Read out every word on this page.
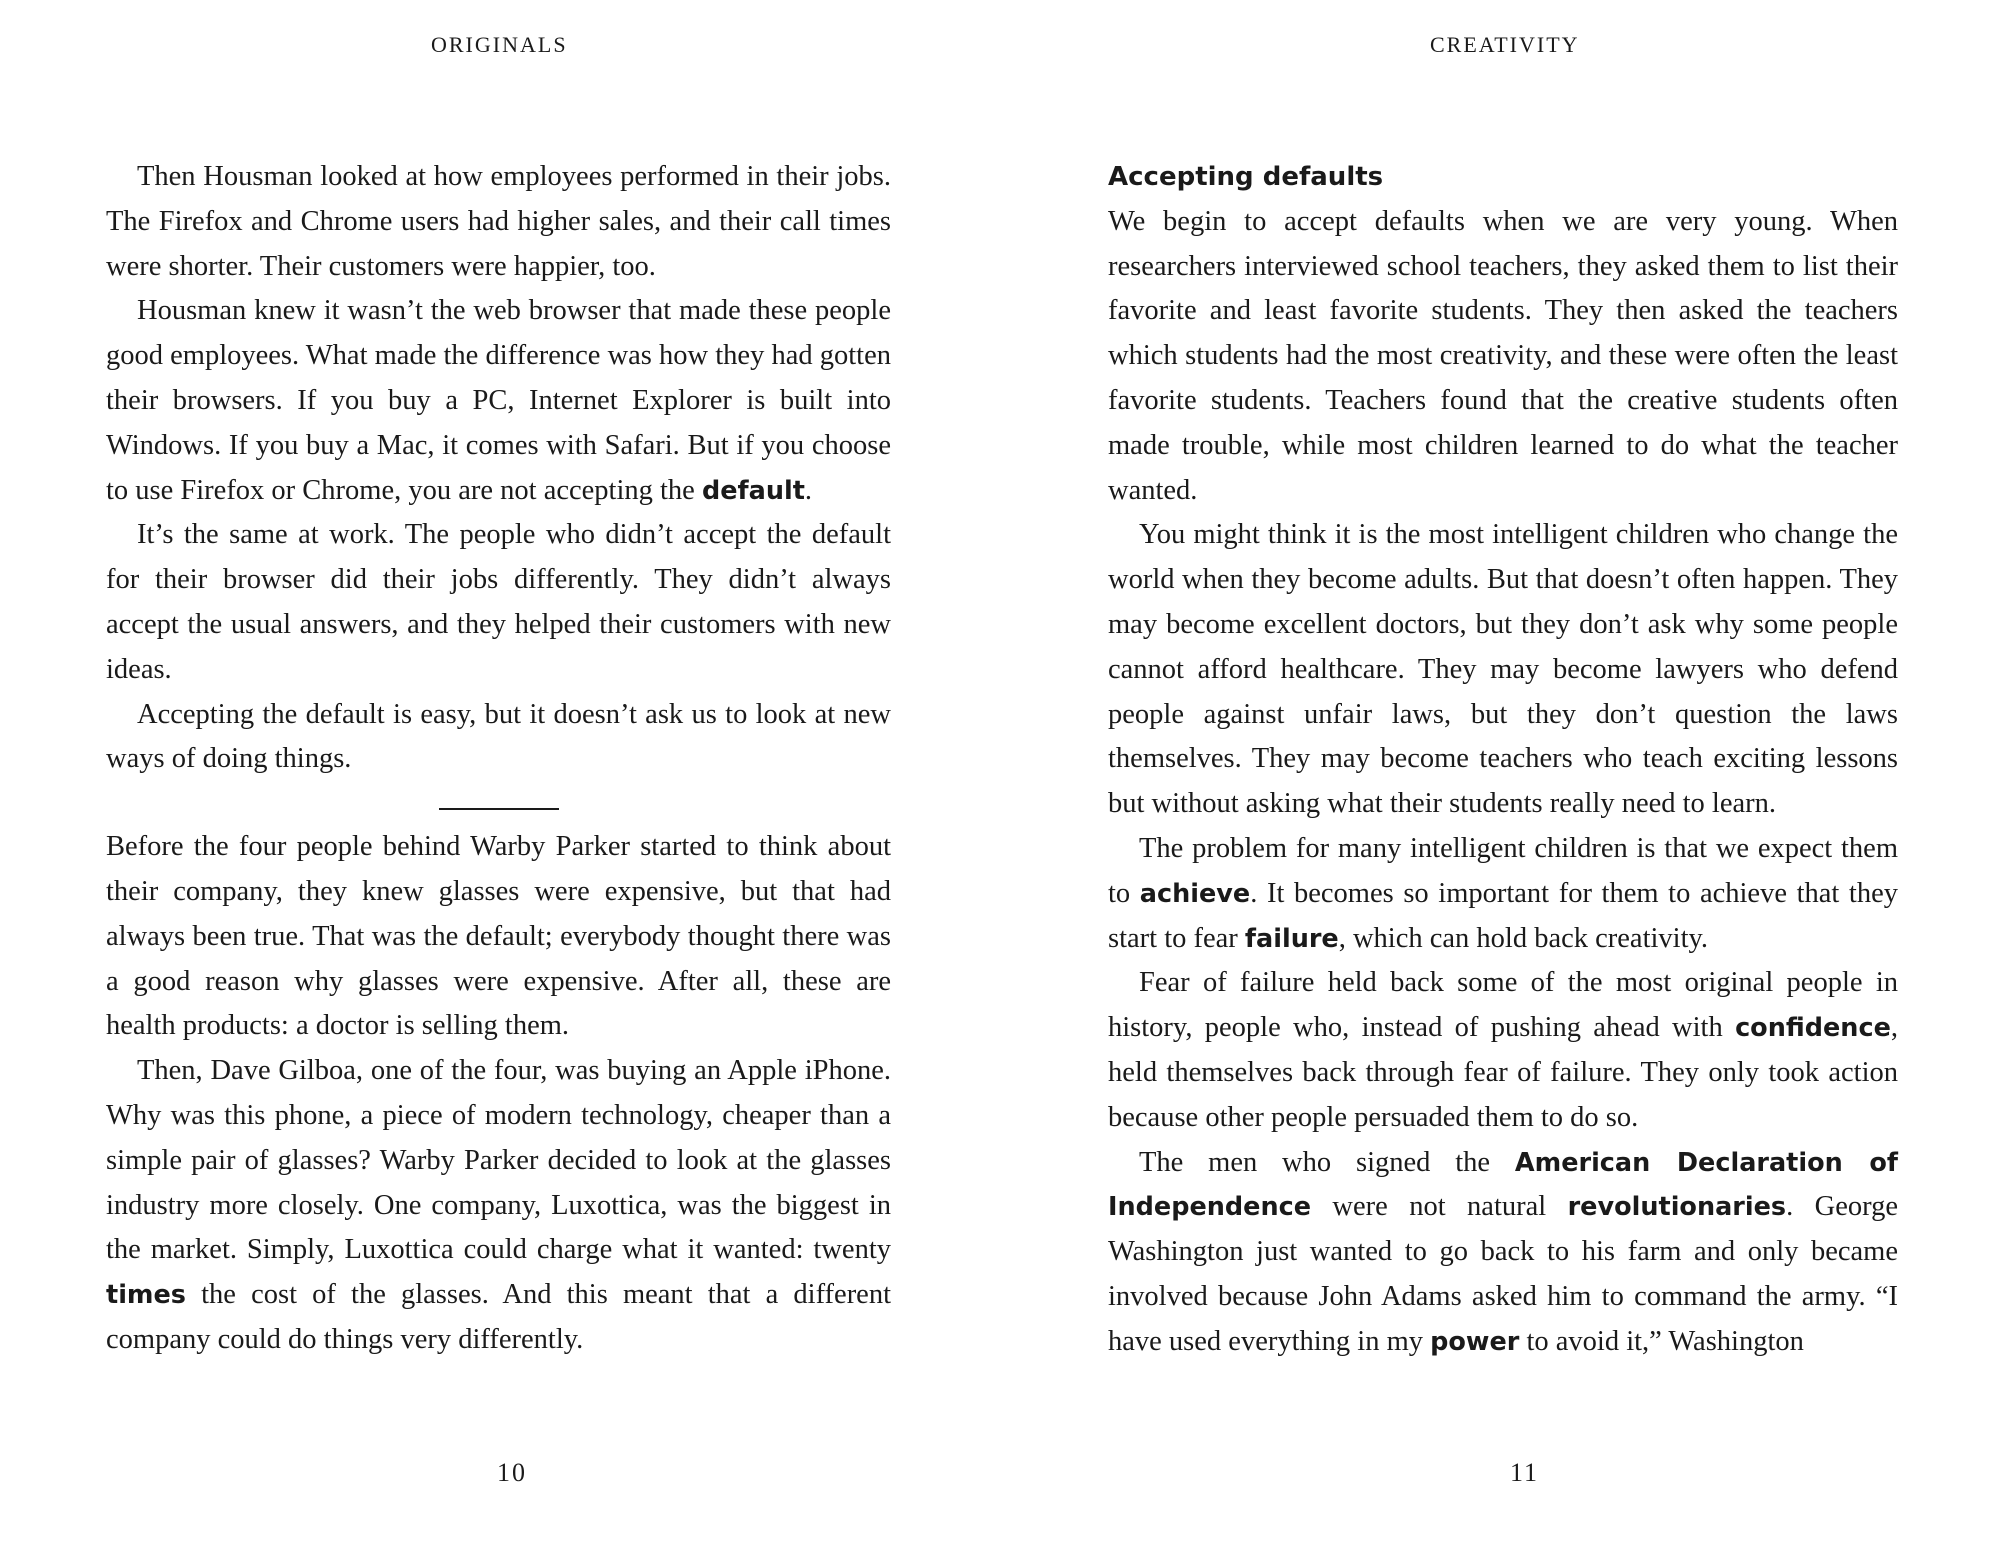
ORIGINALS

Then Housman looked at how employees performed in their jobs. The Firefox and Chrome users had higher sales, and their call times were shorter. Their customers were happier, too.

Housman knew it wasn’t the web browser that made these people good employees. What made the difference was how they had gotten their browsers. If you buy a PC, Internet Explorer is built into Windows. If you buy a Mac, it comes with Safari. But if you choose to use Firefox or Chrome, you are not accepting the default.

It’s the same at work. The people who didn’t accept the default for their browser did their jobs differently. They didn’t always accept the usual answers, and they helped their customers with new ideas.

Accepting the default is easy, but it doesn’t ask us to look at new ways of doing things.

Before the four people behind Warby Parker started to think about their company, they knew glasses were expensive, but that had always been true. That was the default; everybody thought there was a good reason why glasses were expensive. After all, these are health products: a doctor is selling them.

Then, Dave Gilboa, one of the four, was buying an Apple iPhone. Why was this phone, a piece of modern technology, cheaper than a simple pair of glasses? Warby Parker decided to look at the glasses industry more closely. One company, Luxottica, was the biggest in the market. Simply, Luxottica could charge what it wanted: twenty times the cost of the glasses. And this meant that a different company could do things very differently.

10
CREATIVITY
Accepting defaults

We begin to accept defaults when we are very young. When researchers interviewed school teachers, they asked them to list their favorite and least favorite students. They then asked the teachers which students had the most creativity, and these were often the least favorite students. Teachers found that the creative students often made trouble, while most children learned to do what the teacher wanted.

You might think it is the most intelligent children who change the world when they become adults. But that doesn’t often happen. They may become excellent doctors, but they don’t ask why some people cannot afford healthcare. They may become lawyers who defend people against unfair laws, but they don’t question the laws themselves. They may become teachers who teach exciting lessons but without asking what their students really need to learn.

The problem for many intelligent children is that we expect them to achieve. It becomes so important for them to achieve that they start to fear failure, which can hold back creativity.

Fear of failure held back some of the most original people in history, people who, instead of pushing ahead with confidence, held themselves back through fear of failure. They only took action because other people persuaded them to do so.

The men who signed the American Declaration of Independence were not natural revolutionaries. George Washington just wanted to go back to his farm and only became involved because John Adams asked him to command the army. “I have used everything in my power to avoid it,” Washington

11
